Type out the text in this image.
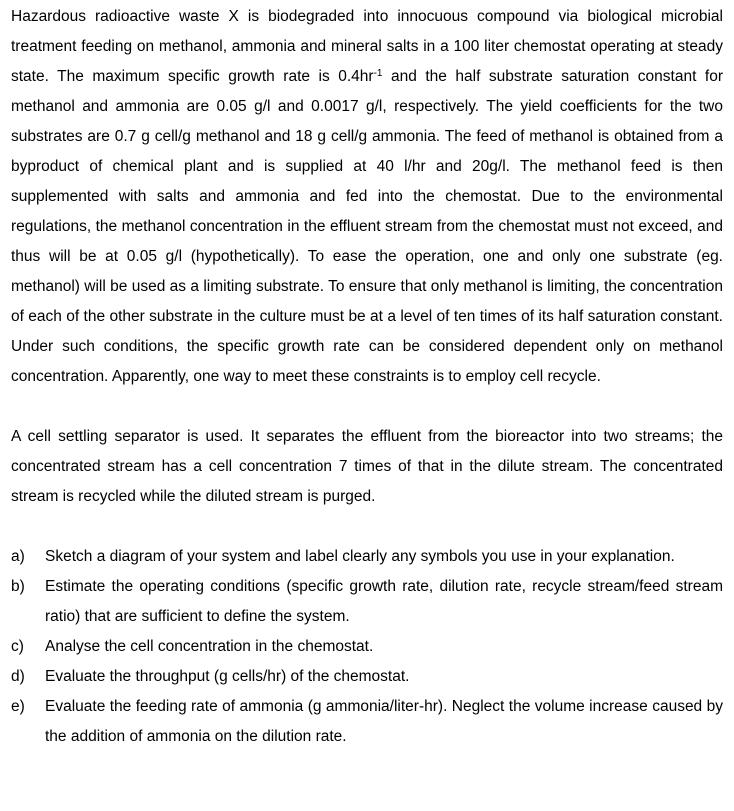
Hazardous radioactive waste X is biodegraded into innocuous compound via biological microbial treatment feeding on methanol, ammonia and mineral salts in a 100 liter chemostat operating at steady state. The maximum specific growth rate is $0.4hr^{-1}$ and the half substrate saturation constant for methanol and ammonia are 0.05 g/l and 0.0017 g/l, respectively. The yield coefficients for the two substrates are 0.7 g cell/g methanol and 18 g cell/g ammonia. The feed of methanol is obtained from a byproduct of chemical plant and is supplied at 40 l/hr and 20g/l. The methanol feed is then supplemented with salts and ammonia and fed into the chemostat. Due to the environmental regulations, the methanol concentration in the effluent stream from the chemostat must not exceed, and thus will be at 0.05 g/l (hypothetically). To ease the operation, one and only one substrate (eg. methanol) will be used as a limiting substrate. To ensure that only methanol is limiting, the concentration of each of the other substrate in the culture must be at a level of ten times of its half saturation constant. Under such conditions, the specific growth rate can be considered dependent only on methanol concentration. Apparently, one way to meet these constraints is to employ cell recycle.

A cell settling separator is used. It separates the effluent from the bioreactor into two streams; the concentrated stream has a cell concentration 7 times of that in the dilute stream. The concentrated stream is recycled while the diluted stream is purged.

a)	Sketch a diagram of your system and label clearly any symbols you use in your explanation.
b)	Estimate the operating conditions (specific growth rate, dilution rate, recycle stream/feed stream ratio) that are sufficient to define the system.
c)	Analyse the cell concentration in the chemostat.
d)	Evaluate the throughput (g cells/hr) of the chemostat.
e)	Evaluate the feeding rate of ammonia (g ammonia/liter-hr). Neglect the volume increase caused by the addition of ammonia on the dilution rate.
